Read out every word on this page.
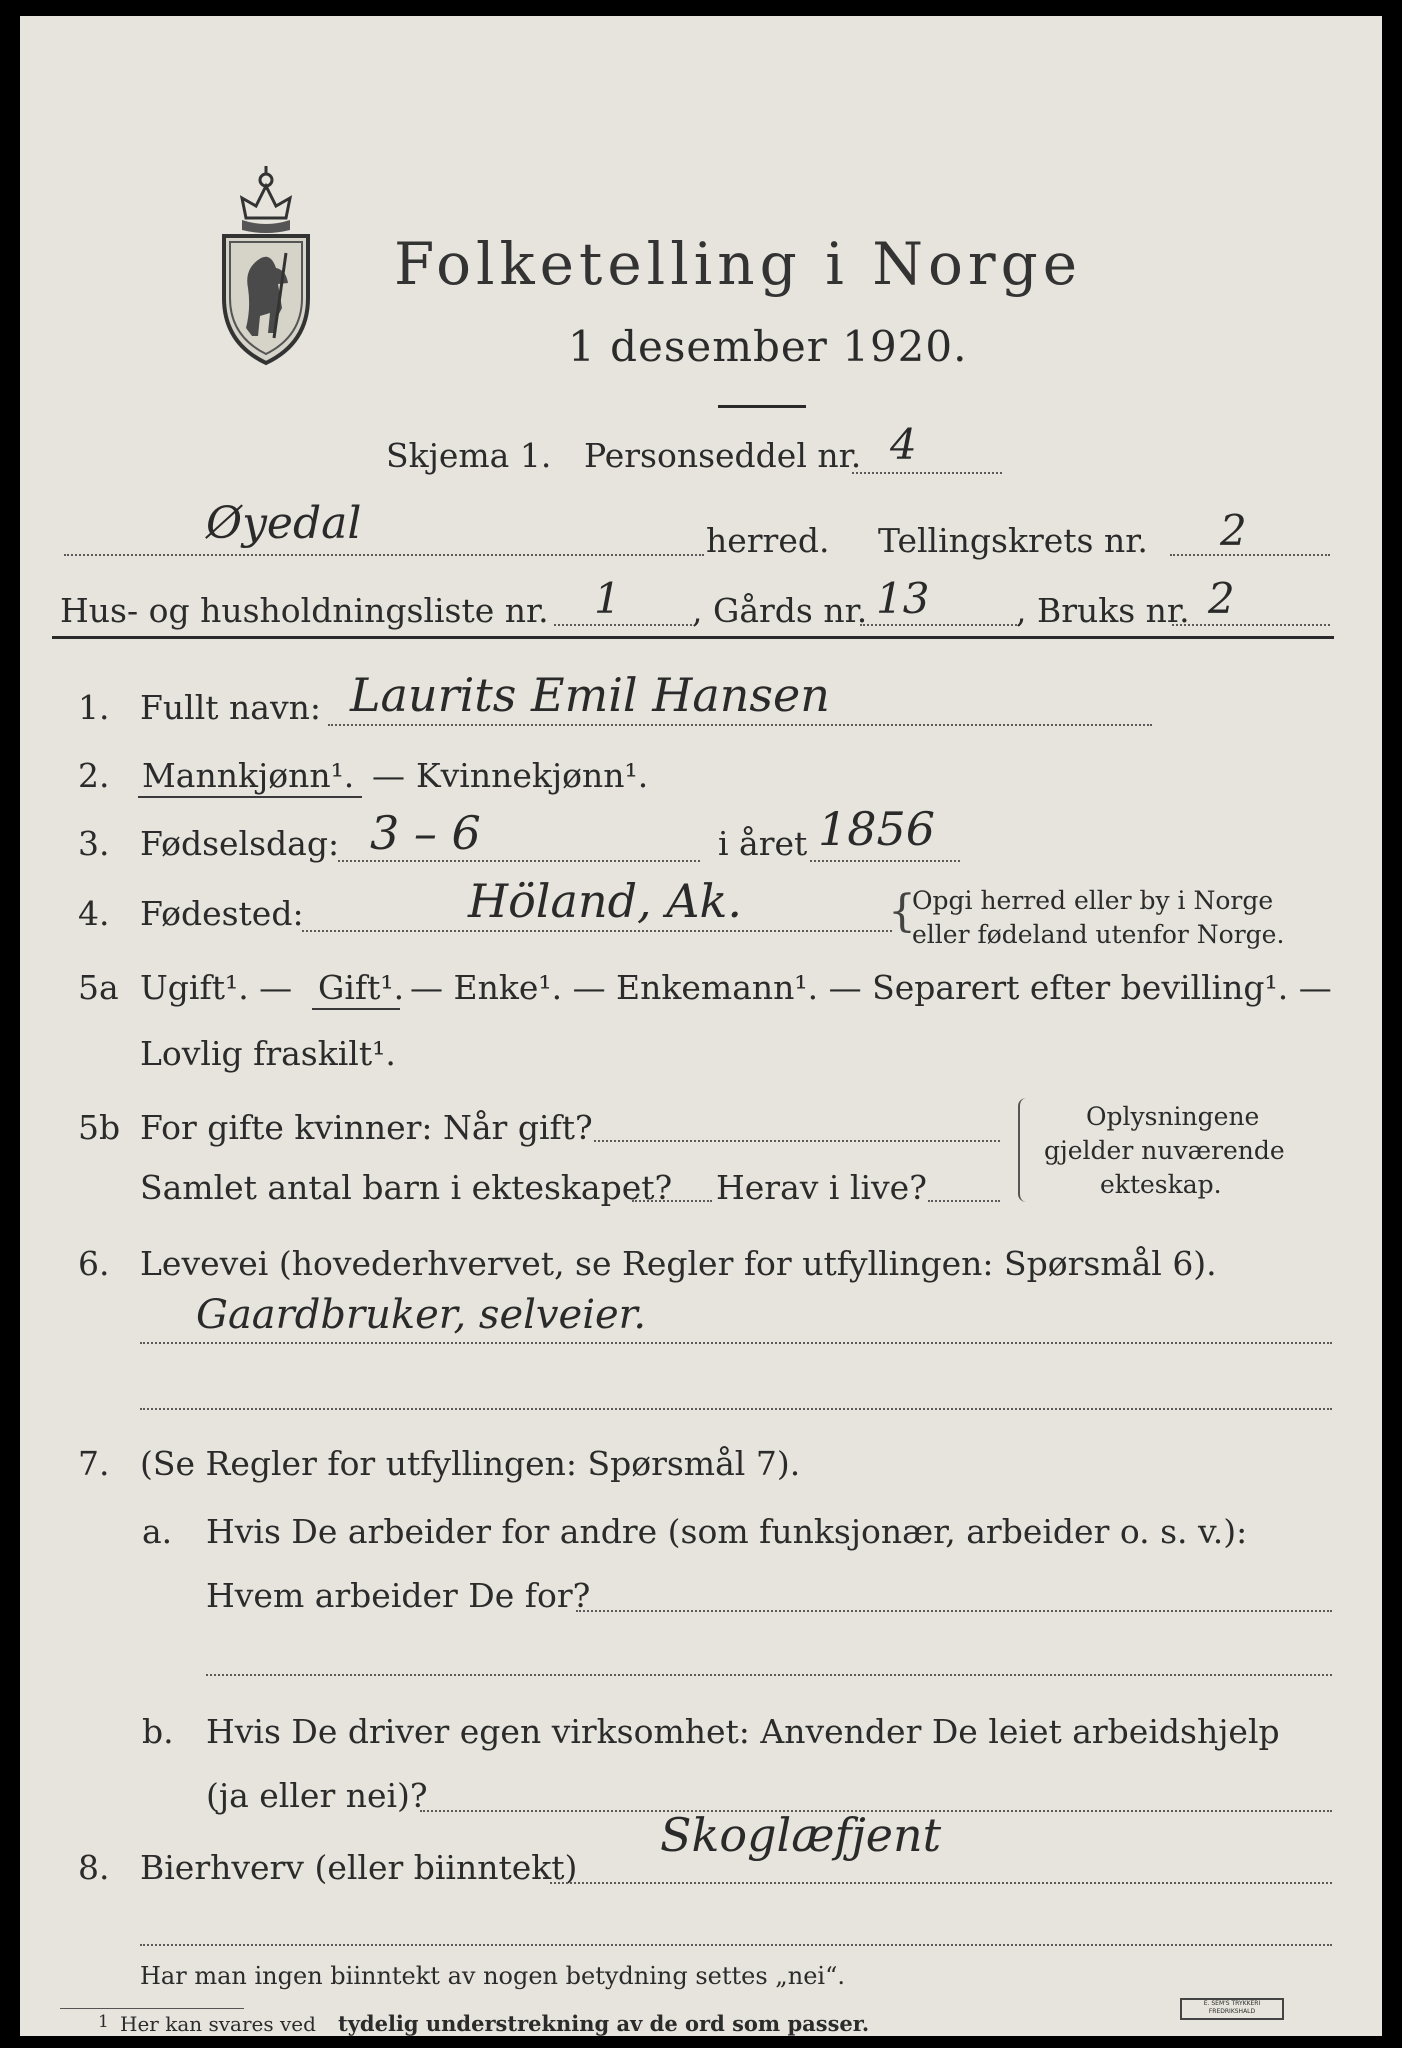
Folketelling i Norge
1 desember 1920.
Skjema 1. Personseddel nr. 4
Øyedal	herred. Tellingskrets nr. 2
Hus- og husholdningsliste nr. 1 , Gårds nr. 13	, Bruks nr. 2
1. Fullt navn: Laurits Emil Hansen
2. Mannkjønn¹. — Kvinnekjønn¹.
3. Fødselsdag: 3 – 6	i året 1856
4. Fødested:	Höland, Ak.	{
Opgi herred eller by i Norge
eller fødeland utenfor Norge.
5a Ugift¹. — Gift¹. — Enke¹. — Enkemann¹. — Separert efter bevilling¹. —
Lovlig fraskilt¹.
5b For gifte kvinner: Når gift?
Samlet antal barn i ekteskapet? Herav i live?
Oplysningene
gjelder nuværende
ekteskap.
6. Levevei (hovederhvervet, se Regler for utfyllingen: Spørsmål 6).
Gaardbruker, selveier.
7. (Se Regler for utfyllingen: Spørsmål 7).
a. Hvis De arbeider for andre (som funksjonær, arbeider o. s. v.):
Hvem arbeider De for?
b. Hvis De driver egen virksomhet: Anvender De leiet arbeidshjelp
(ja eller nei)?
8. Bierhverv (eller biinntekt)
Skoglæfjent
Har man ingen biinntekt av nogen betydning settes „nei“.
1 Her kan svares ved tydelig understrekning av de ord som passer.
E. SEM'S TRYKKERI FREDRIKSHALD
